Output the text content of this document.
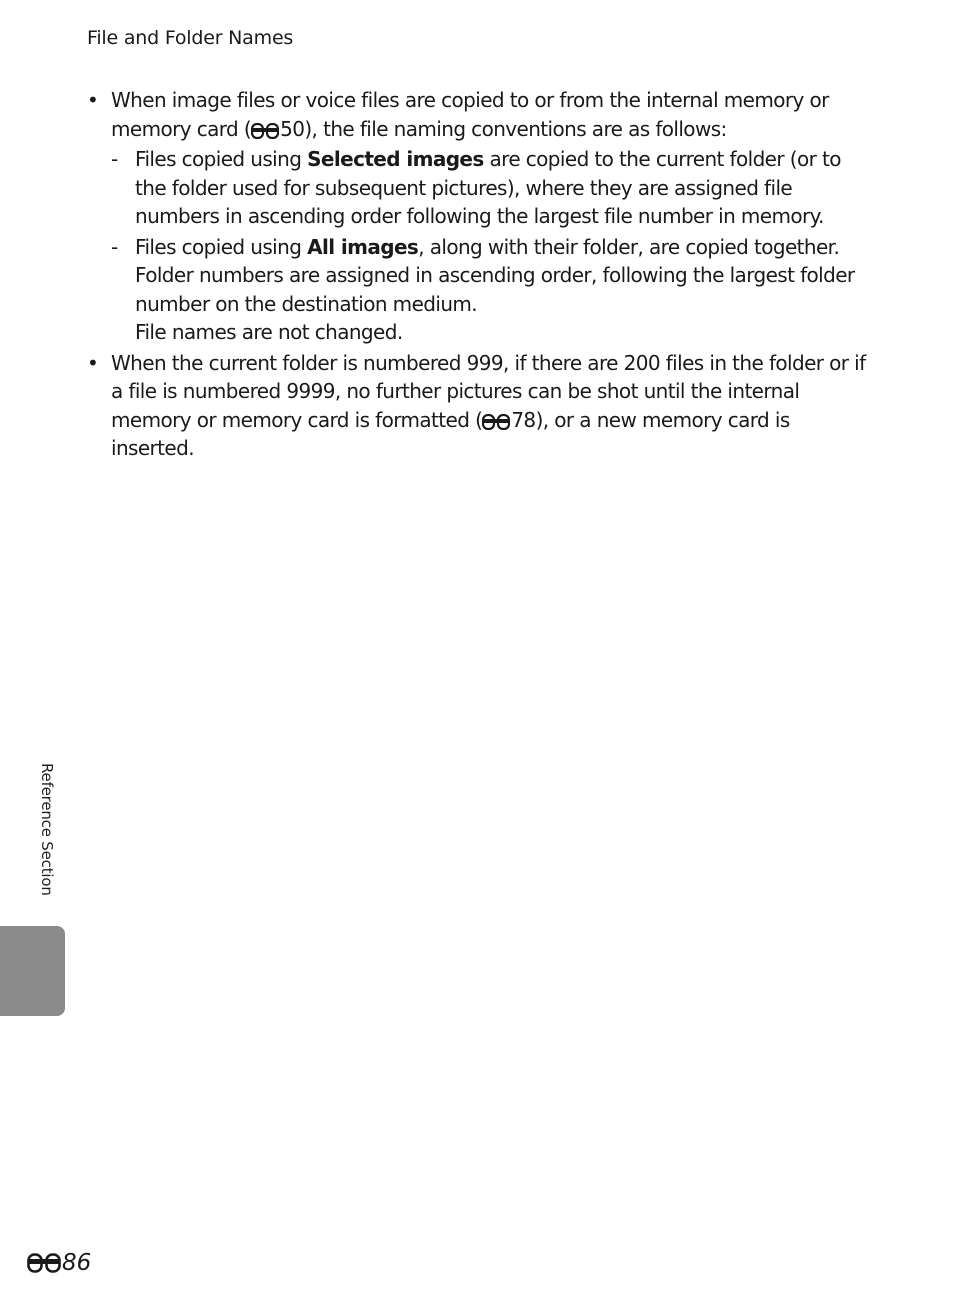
File and Folder Names
• When image files or voice files are copied to or from the internal memory or memory card ( 50), the file naming conventions are as follows:
- Files copied using Selected images are copied to the current folder (or to the folder used for subsequent pictures), where they are assigned file numbers in ascending order following the largest file number in memory.
- Files copied using All images, along with their folder, are copied together. Folder numbers are assigned in ascending order, following the largest folder number on the destination medium.
File names are not changed.
• When the current folder is numbered 999, if there are 200 files in the folder or if a file is numbered 9999, no further pictures can be shot until the internal memory or memory card is formatted ( 78), or a new memory card is inserted.
Reference Section
86
